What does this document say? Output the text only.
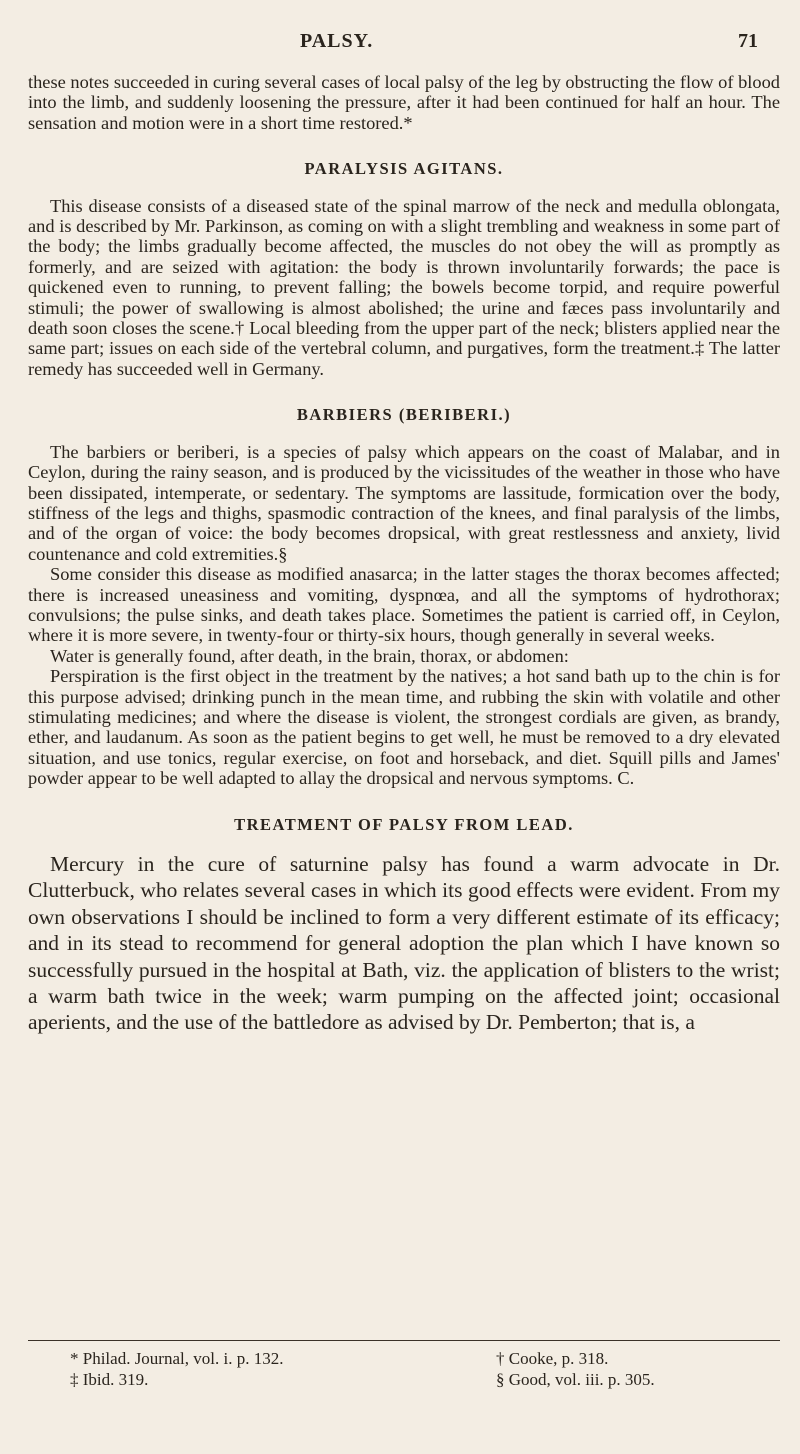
PALSY.	71

these notes succeeded in curing several cases of local palsy of the leg by obstructing the flow of blood into the limb, and suddenly loosening the pressure, after it had been continued for half an hour. The sensation and motion were in a short time restored.*

PARALYSIS AGITANS.

This disease consists of a diseased state of the spinal marrow of the neck and medulla oblongata, and is described by Mr. Parkinson, as coming on with a slight trembling and weakness in some part of the body; the limbs gradually become affected, the muscles do not obey the will as promptly as formerly, and are seized with agitation: the body is thrown involuntarily forwards; the pace is quickened even to running, to prevent falling; the bowels become torpid, and require powerful stimuli; the power of swallowing is almost abolished; the urine and fæces pass involuntarily and death soon closes the scene.† Local bleeding from the upper part of the neck; blisters applied near the same part; issues on each side of the vertebral column, and purgatives, form the treatment.‡ The latter remedy has succeeded well in Germany.

BARBIERS (BERIBERI.)

The barbiers or beriberi, is a species of palsy which appears on the coast of Malabar, and in Ceylon, during the rainy season, and is produced by the vicissitudes of the weather in those who have been dissipated, intemperate, or sedentary. The symptoms are lassitude, formication over the body, stiffness of the legs and thighs, spasmodic contraction of the knees, and final paralysis of the limbs, and of the organ of voice: the body becomes dropsical, with great restlessness and anxiety, livid countenance and cold extremities.§

Some consider this disease as modified anasarca; in the latter stages the thorax becomes affected; there is increased uneasiness and vomiting, dyspnœa, and all the symptoms of hydrothorax; convulsions; the pulse sinks, and death takes place. Sometimes the patient is carried off, in Ceylon, where it is more severe, in twenty-four or thirty-six hours, though generally in several weeks.

Water is generally found, after death, in the brain, thorax, or abdomen:

Perspiration is the first object in the treatment by the natives; a hot sand bath up to the chin is for this purpose advised; drinking punch in the mean time, and rubbing the skin with volatile and other stimulating medicines; and where the disease is violent, the strongest cordials are given, as brandy, ether, and laudanum. As soon as the patient begins to get well, he must be removed to a dry elevated situation, and use tonics, regular exercise, on foot and horseback, and diet. Squill pills and James' powder appear to be well adapted to allay the dropsical and nervous symptoms. C.

TREATMENT OF PALSY FROM LEAD.

Mercury in the cure of saturnine palsy has found a warm advocate in Dr. Clutterbuck, who relates several cases in which its good effects were evident. From my own observations I should be inclined to form a very different estimate of its efficacy; and in its stead to recommend for general adoption the plan which I have known so successfully pursued in the hospital at Bath, viz. the application of blisters to the wrist; a warm bath twice in the week; warm pumping on the affected joint; occasional aperients, and the use of the battledore as advised by Dr. Pemberton; that is, a

* Philad. Journal, vol. i. p. 132.	† Cooke, p. 318.
‡ Ibid. 319.	§ Good, vol. iii. p. 305.
